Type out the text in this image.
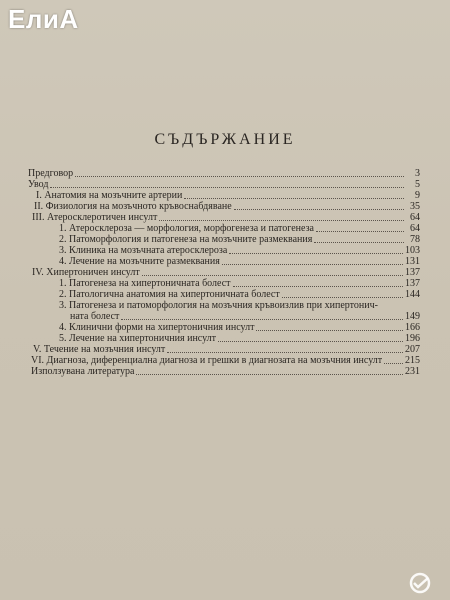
ЕлиА
СЪДЪРЖАНИЕ
Предговор	3
Увод	5
I. Анатомия на мозъчните артерии	9
II. Физиология на мозъчното кръвоснабдяване	35
III. Атеросклеротичен инсулт	64
1. Атеросклероза — морфология, морфогенеза и патогенеза	64
2. Патоморфология и патогенеза на мозъчните размеквания	78
3. Клиника на мозъчната атеросклероза	103
4. Лечение на мозъчните размеквания	131
IV. Хипертоничен инсулт	137
1. Патогенеза на хипертоничната болест	137
2. Патологична анатомия на хипертоничната болест	144
3. Патогенеза и патоморфология на мозъчния кръвоизлив при хипертонич-
ната болест	149
4. Клинични форми на хипертоничния инсулт	166
5. Лечение на хипертоничния инсулт	196
V. Течение на мозъчния инсулт	207
VI. Диагноза, диференциална диагноза и грешки в диагнозата на мозъчния инсулт 215
Използувана литература	231
